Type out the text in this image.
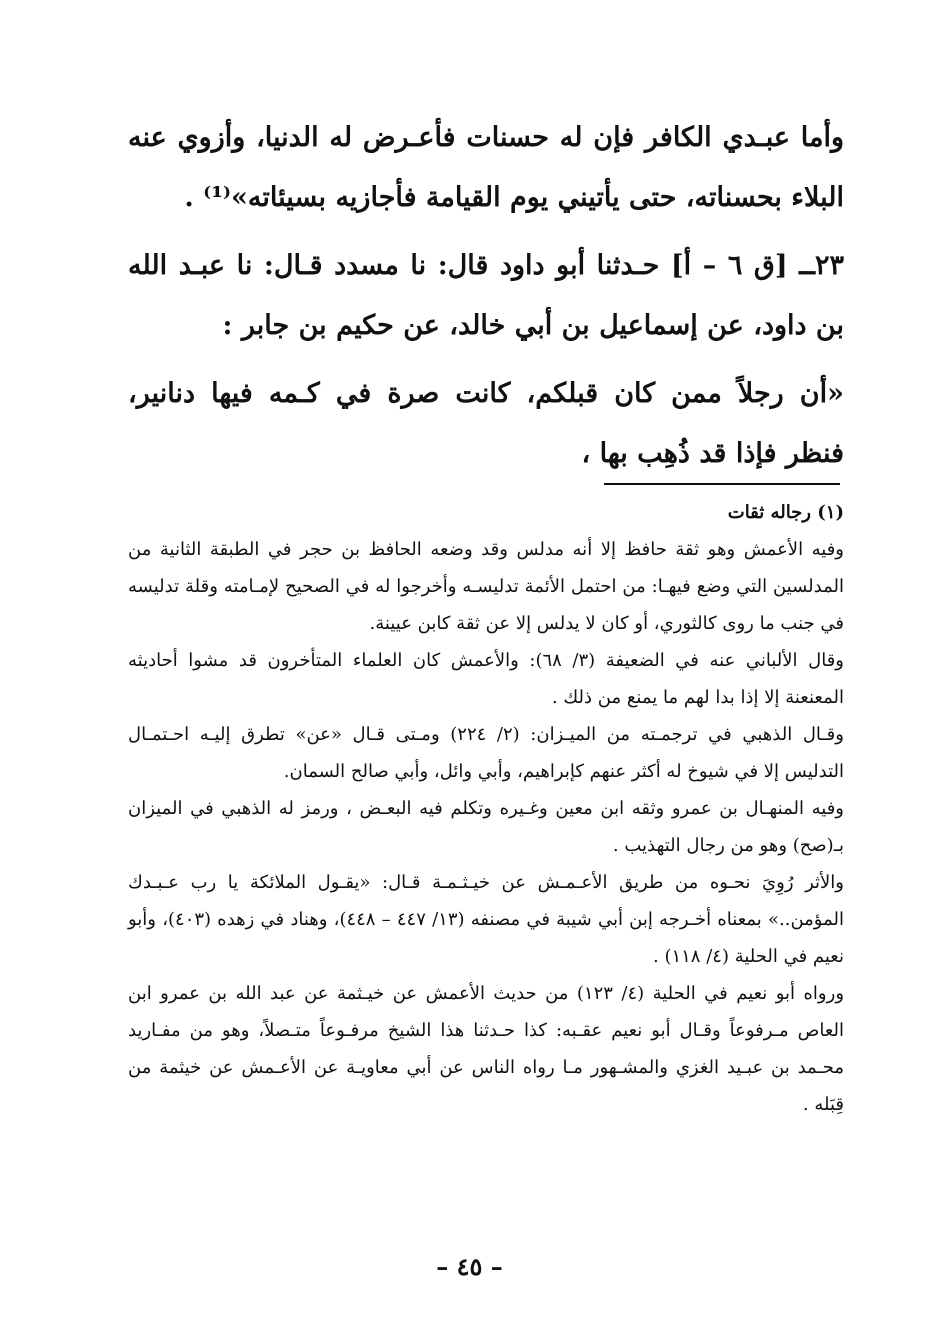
وأما عبـدي الكافر فإن له حسنات فأعـرض له الدنيا، وأزوي عنه البلاء بحسناته، حتى يأتيني يوم القيامة فأجازيه بسيئاته»⁽¹⁾ .

٢٣ــ [ق ٦ – أ] حـدثنا أبو داود قال: نا مسدد قـال: نا عبـد الله بن داود، عن إسماعيل بن أبي خالد، عن حكيم بن جابر :

«أن رجلاً ممن كان قبلكم، كانت صرة في كـمه فيها دنانير، فنظر فإذا قد ذُهِب بها ،

(١) رجاله ثقات

وفيه الأعمش وهو ثقة حافظ إلا أنه مدلس وقد وضعه الحافظ بن حجر في الطبقة الثانية من المدلسين التي وضع فيهـا: من احتمل الأئمة تدليسـه وأخرجوا له في الصحيح لإمـامته وقلة تدليسه في جنب ما روى كالثوري، أو كان لا يدلس إلا عن ثقة كابن عيينة.

وقال الألباني عنه في الضعيفة (٣/ ٦٨): والأعمش كان العلماء المتأخرون قد مشوا أحاديثه المعنعنة إلا إذا بدا لهم ما يمنع من ذلك .

وقـال الذهبي في ترجمـته من الميـزان: (٢/ ٢٢٤) ومـتى قـال «عن» تطرق إليـه احـتمـال التدليس إلا في شيوخ له أكثر عنهم كإبراهيم، وأبي وائل، وأبي صالح السمان.

وفيه المنهـال بن عمرو وثقه ابن معين وغـيره وتكلم فيه البعـض ، ورمز له الذهبي في الميزان بـ(صح) وهو من رجال التهذيب .

والأثر رُوِيَ نحـوه من طريق الأعـمـش عن خيـثـمـة قـال: «يقـول الملائكة يا رب عـبـدك المؤمن..» بمعناه أخـرجه إبن أبي شيبة في مصنفه (١٣/ ٤٤٧ – ٤٤٨)، وهناد في زهده (٤٠٣)، وأبو نعيم في الحلية (٤/ ١١٨) .

ورواه أبو نعيم في الحلية (٤/ ١٢٣) من حديث الأعمش عن خيـثمة عن عبد الله بن عمرو ابن العاص مـرفوعاً وقـال أبو نعيم عقـبه: كذا حـدثنا هذا الشيخ مرفـوعاً متـصلاً، وهو من مفـاريد محـمد بن عبـيد الغزي والمشـهور مـا رواه الناس عن أبي معاويـة عن الأعـمش عن خيثمة من قِبَله .

– ٤٥ –
